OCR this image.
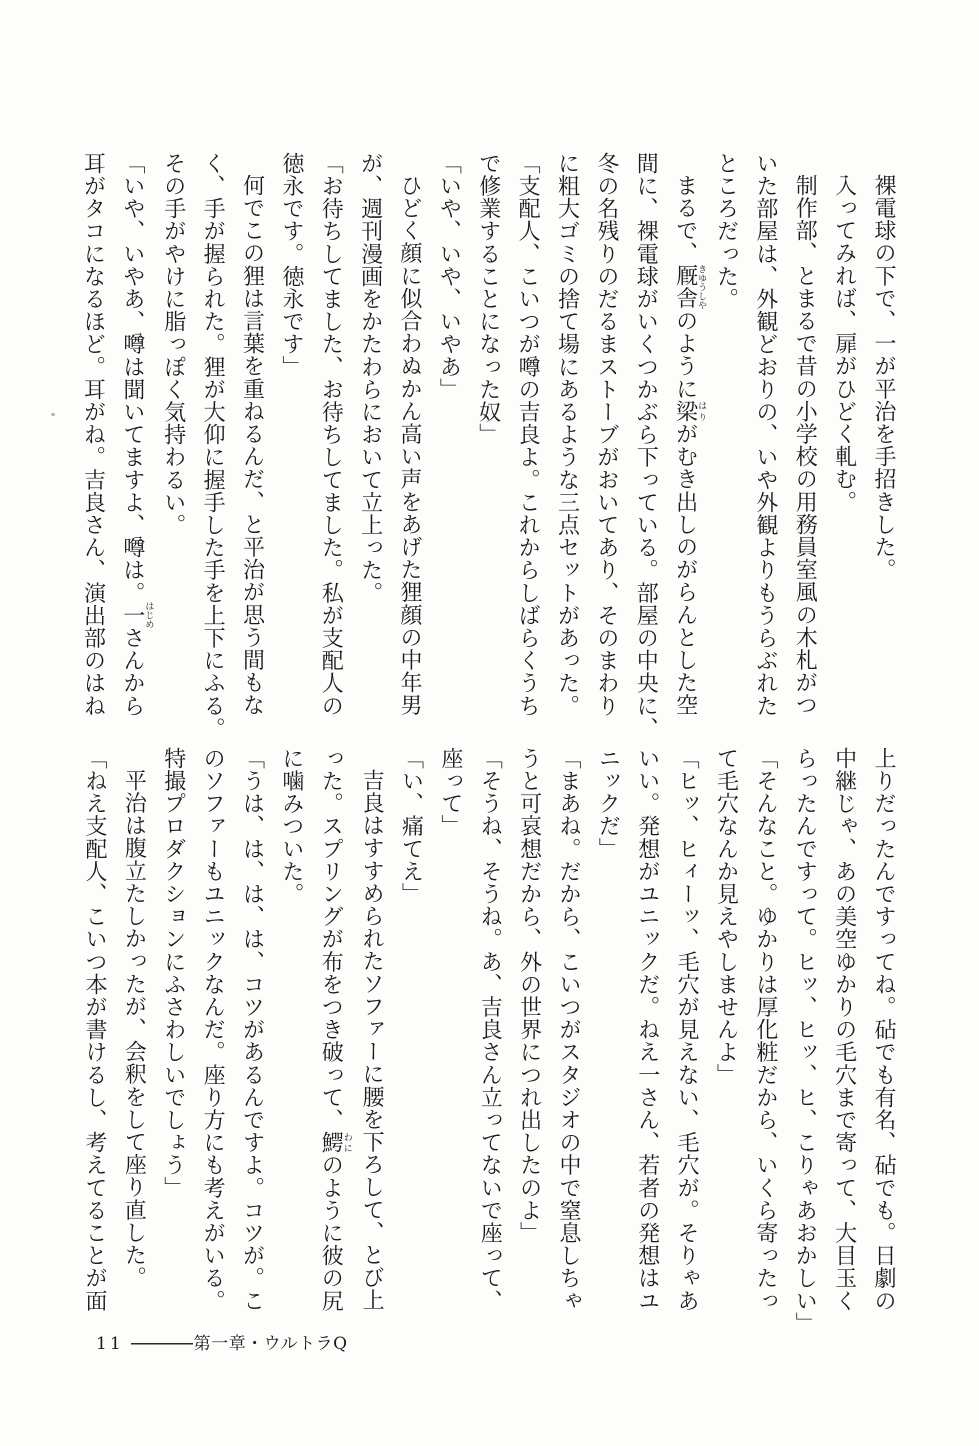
裸電球の下で、一が平治を手招きした。
入ってみれば、扉がひどく軋む。
制作部、とまるで昔の小学校の用務員室風の木札がつ
いた部屋は、外観どおりの、いや外観よりもうらぶれた
ところだった。
まるで、厩舎きゆうしやのように梁はりがむき出しのがらんとした空
間に、裸電球がいくつかぶら下っている。部屋の中央に、
冬の名残りのだるまストーブがおいてあり、そのまわり
に粗大ゴミの捨て場にあるような三点セットがあった。
「支配人、こいつが噂の吉良よ。これからしばらくうち
で修業することになった奴」
「いや、いや、いやあ」
ひどく顔に似合わぬかん高い声をあげた狸顔の中年男
が、週刊漫画をかたわらにおいて立上った。
「お待ちしてました、お待ちしてました。私が支配人の
徳永です。徳永です」
何でこの狸は言葉を重ねるんだ、と平治が思う間もな
く、手が握られた。狸が大仰に握手した手を上下にふる。
その手がやけに脂っぽく気持わるい。
「いや、いやあ、噂は聞いてますよ、噂は。一はじめさんから
耳がタコになるほど。耳がね。吉良さん、演出部のはね
上りだったんですってね。砧でも有名、砧でも。日劇の
中継じゃ、あの美空ゆかりの毛穴まで寄って、大目玉く
らったんですって。ヒッ、ヒッ、ヒ、こりゃあおかしい」
「そんなこと。ゆかりは厚化粧だから、いくら寄ったっ
て毛穴なんか見えやしませんよ」
「ヒッ、ヒィーッ、毛穴が見えない、毛穴が。そりゃあ
いい。発想がユニックだ。ねえ一さん、若者の発想はユ
ニックだ」
「まあね。だから、こいつがスタジオの中で窒息しちゃ
うと可哀想だから、外の世界につれ出したのよ」
「そうね、そうね。あ、吉良さん立ってないで座って、
座って」
「い、痛てえ」
吉良はすすめられたソファーに腰を下ろして、とび上
った。スプリングが布をつき破って、鰐わにのように彼の尻
に噛みついた。
「うは、は、は、は、コツがあるんですよ。コツが。こ
のソファーもユニックなんだ。座り方にも考えがいる。
特撮プロダクションにふさわしいでしょう」
平治は腹立たしかったが、会釈をして座り直した。
「ねえ支配人、こいつ本が書けるし、考えてることが面
11	第一章・ウルトラQ
